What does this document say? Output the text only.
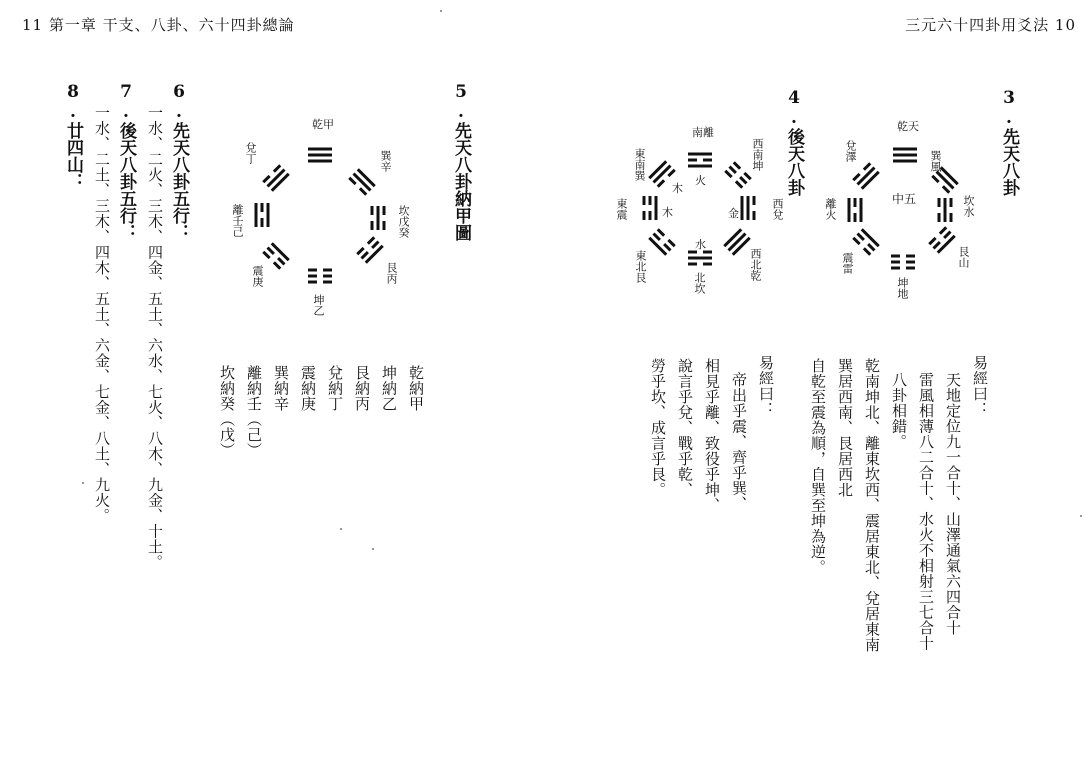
11 第一章 干支、八卦、六十四卦總論	三元六十四卦用爻法 10
3.先天八卦
乾天
巽風
坎水
艮山
坤地
震雷
離火
兌澤
中五
易經曰：
天地定位九一合十、山澤通氣六四合十
雷風相薄八二合十、水火不相射三七合十
八卦相錯。
乾南坤北、離東坎西、震居東北、兌居東南
巽居西南、艮居西北
自乾至震為順，自巽至坤為逆。
4.後天八卦
南離
火
西南坤
西兌
金
西北乾
北坎
水
東北艮
東震	木
東南巽
木
易經曰：
帝出乎震、齊乎巽、
相見乎離、致役乎坤、
說言乎兌、戰乎乾、
勞乎坎、成言乎艮。
5.先天八卦納甲圖
乾甲
巽辛
坎戊癸
艮丙
坤乙
震庚
離壬己
兌丁
乾納甲
坤納乙
艮納丙
兌納丁
震納庚
巽納辛
離納壬（己）
坎納癸（戊）
6.先天八卦五行：
一水、二火、三木、四金、五土、六水、七火、八木、九金、十土。
7.後天八卦五行：
一水、二土、三木、四木、五土、六金、七金、八土、九火。
8.廿四山：
